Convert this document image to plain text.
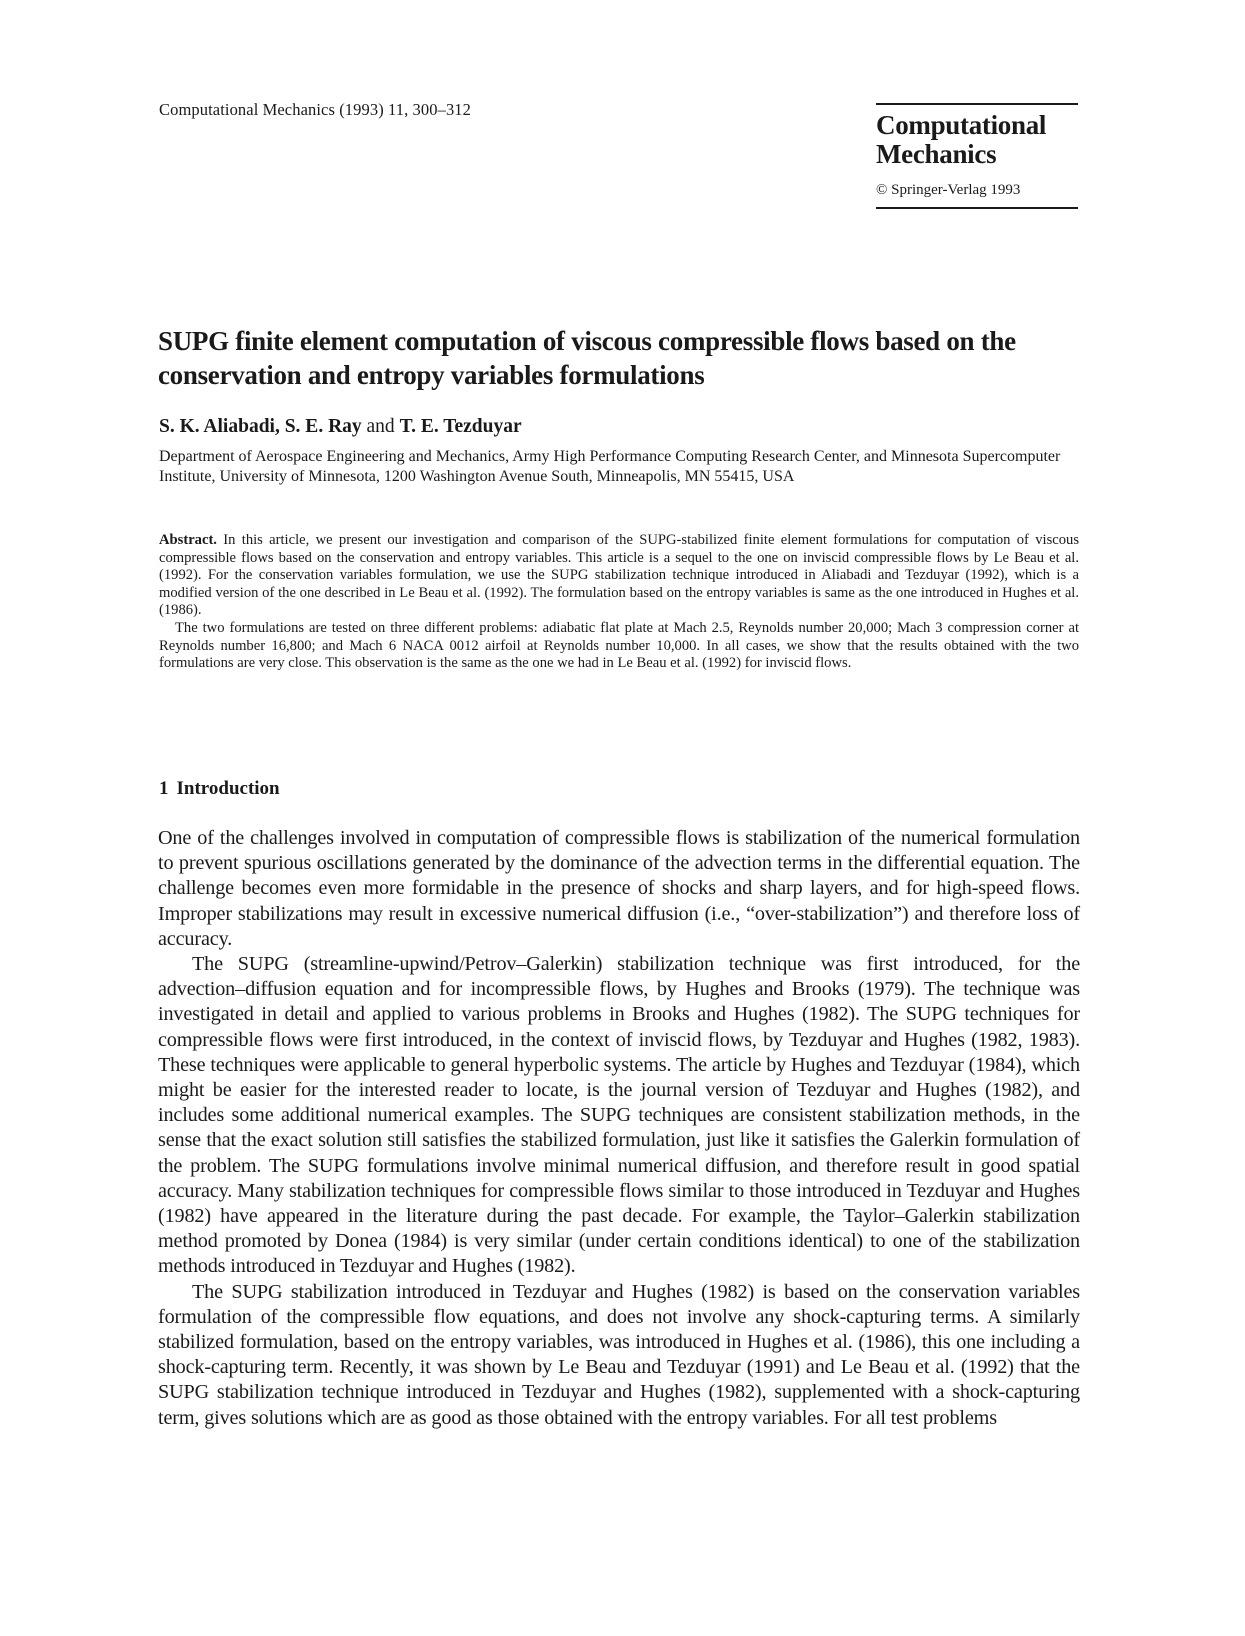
Computational Mechanics (1993) 11, 300–312
Computational
Mechanics
© Springer-Verlag 1993
SUPG finite element computation of viscous compressible flows based on the conservation and entropy variables formulations
S. K. Aliabadi, S. E. Ray and T. E. Tezduyar
Department of Aerospace Engineering and Mechanics, Army High Performance Computing Research Center, and Minnesota Supercomputer Institute, University of Minnesota, 1200 Washington Avenue South, Minneapolis, MN 55415, USA

Abstract. In this article, we present our investigation and comparison of the SUPG-stabilized finite element formulations for computation of viscous compressible flows based on the conservation and entropy variables. This article is a sequel to the one on inviscid compressible flows by Le Beau et al. (1992). For the conservation variables formulation, we use the SUPG stabilization technique introduced in Aliabadi and Tezduyar (1992), which is a modified version of the one described in Le Beau et al. (1992). The formulation based on the entropy variables is same as the one introduced in Hughes et al. (1986).

The two formulations are tested on three different problems: adiabatic flat plate at Mach 2.5, Reynolds number 20,000; Mach 3 compression corner at Reynolds number 16,800; and Mach 6 NACA 0012 airfoil at Reynolds number 10,000. In all cases, we show that the results obtained with the two formulations are very close. This observation is the same as the one we had in Le Beau et al. (1992) for inviscid flows.

1 Introduction

One of the challenges involved in computation of compressible flows is stabilization of the numerical formulation to prevent spurious oscillations generated by the dominance of the advection terms in the differential equation. The challenge becomes even more formidable in the presence of shocks and sharp layers, and for high-speed flows. Improper stabilizations may result in excessive numerical diffusion (i.e., “over-stabilization”) and therefore loss of accuracy.

The SUPG (streamline-upwind/Petrov–Galerkin) stabilization technique was first introduced, for the advection–diffusion equation and for incompressible flows, by Hughes and Brooks (1979). The technique was investigated in detail and applied to various problems in Brooks and Hughes (1982). The SUPG techniques for compressible flows were first introduced, in the context of inviscid flows, by Tezduyar and Hughes (1982, 1983). These techniques were applicable to general hyperbolic systems. The article by Hughes and Tezduyar (1984), which might be easier for the interested reader to locate, is the journal version of Tezduyar and Hughes (1982), and includes some additional numerical examples. The SUPG techniques are consistent stabilization methods, in the sense that the exact solution still satisfies the stabilized formulation, just like it satisfies the Galerkin formulation of the problem. The SUPG formulations involve minimal numerical diffusion, and therefore result in good spatial accuracy. Many stabilization techniques for compressible flows similar to those introduced in Tezduyar and Hughes (1982) have appeared in the literature during the past decade. For example, the Taylor–Galerkin stabilization method promoted by Donea (1984) is very similar (under certain conditions identical) to one of the stabilization methods introduced in Tezduyar and Hughes (1982).

The SUPG stabilization introduced in Tezduyar and Hughes (1982) is based on the conservation variables formulation of the compressible flow equations, and does not involve any shock-capturing terms. A similarly stabilized formulation, based on the entropy variables, was introduced in Hughes et al. (1986), this one including a shock-capturing term. Recently, it was shown by Le Beau and Tezduyar (1991) and Le Beau et al. (1992) that the SUPG stabilization technique introduced in Tezduyar and Hughes (1982), supplemented with a shock-capturing term, gives solutions which are as good as those obtained with the entropy variables. For all test problems
